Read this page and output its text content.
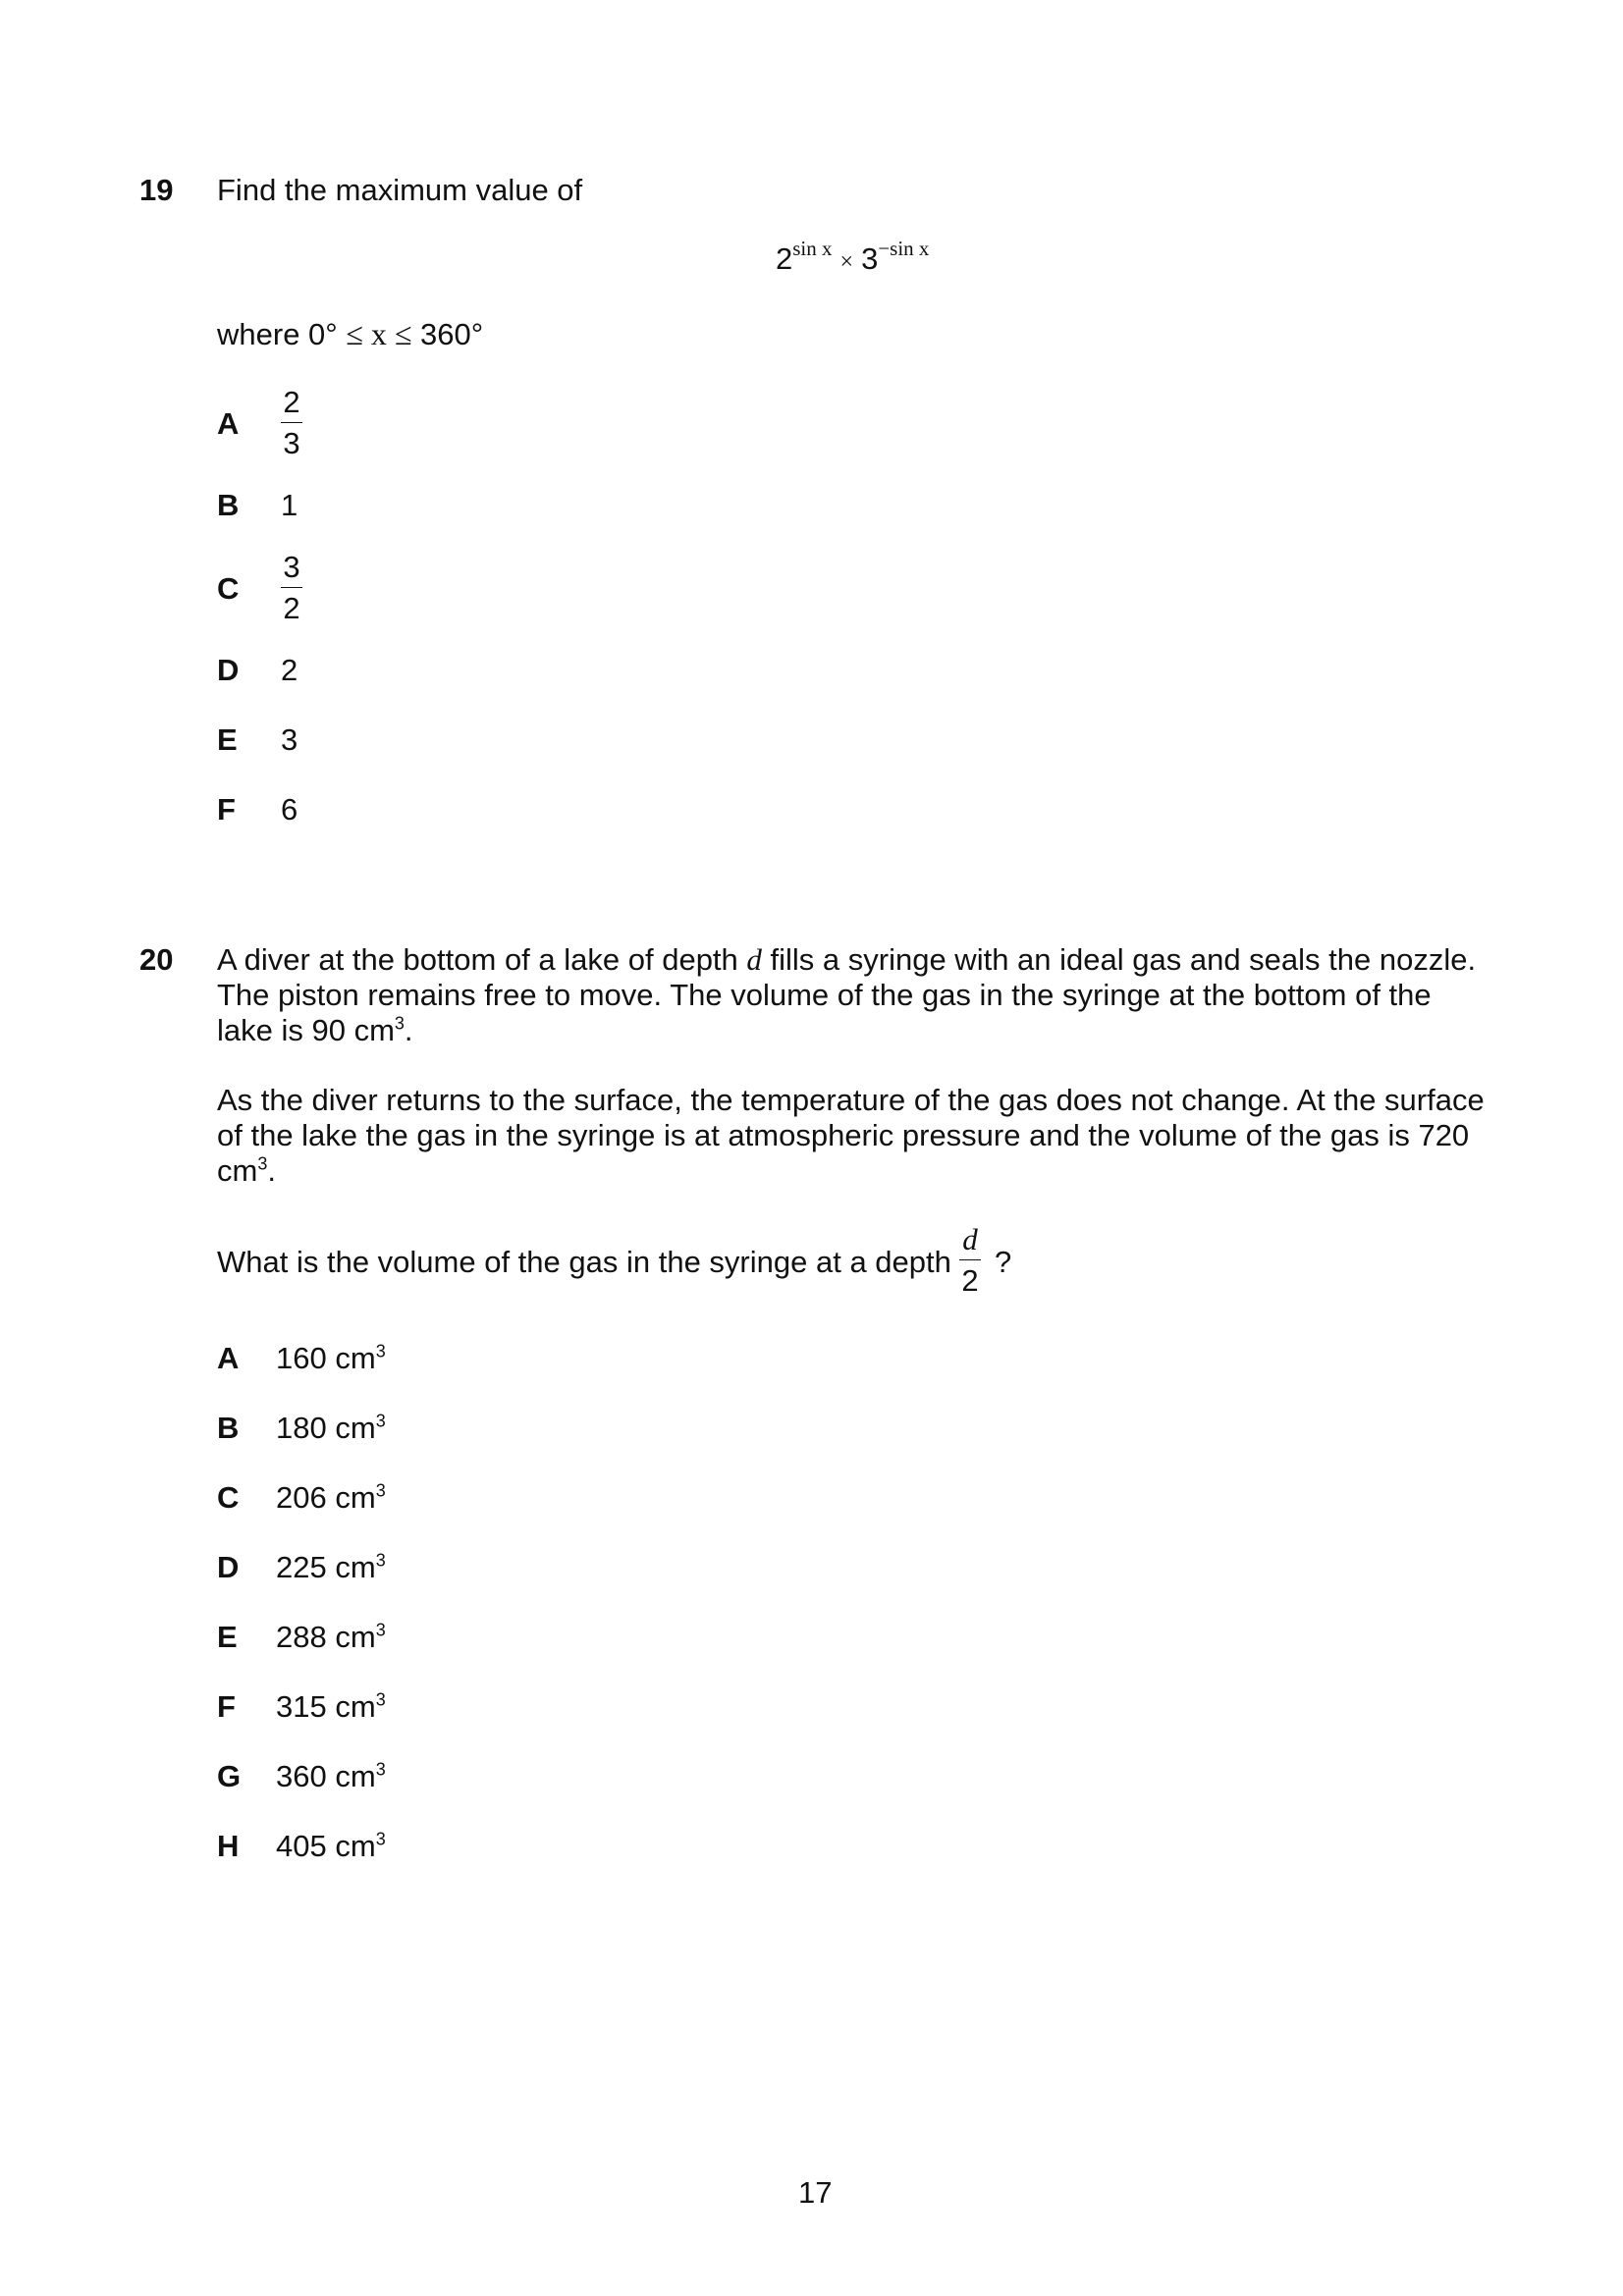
19 Find the maximum value of
$2^{sin x}\times 3^{-sin x}$
where 0° ≤ x ≤ 360°
A
2
3
B 1
C
3
2
D 2
E 3
F 6
20 A diver at the bottom of a lake of depth d fills a syringe with an ideal gas and seals the nozzle. The piston remains free to move. The volume of the gas in the syringe at the bottom of the lake is 90 $cm^3$.
As the diver returns to the surface, the temperature of the gas does not change. At the surface of the lake the gas in the syringe is at atmospheric pressure and the volume of the gas is 720 $cm^3$.
What is the volume of the gas in the syringe at a depth
d
2
?
A 160 $cm^3$
B 180 $cm^3$
C 206 $cm^3$
D 225 $cm^3$
E 288 $cm^3$
F 315 $cm^3$
G 360 $cm^3$
H 405 $cm^3$
17
